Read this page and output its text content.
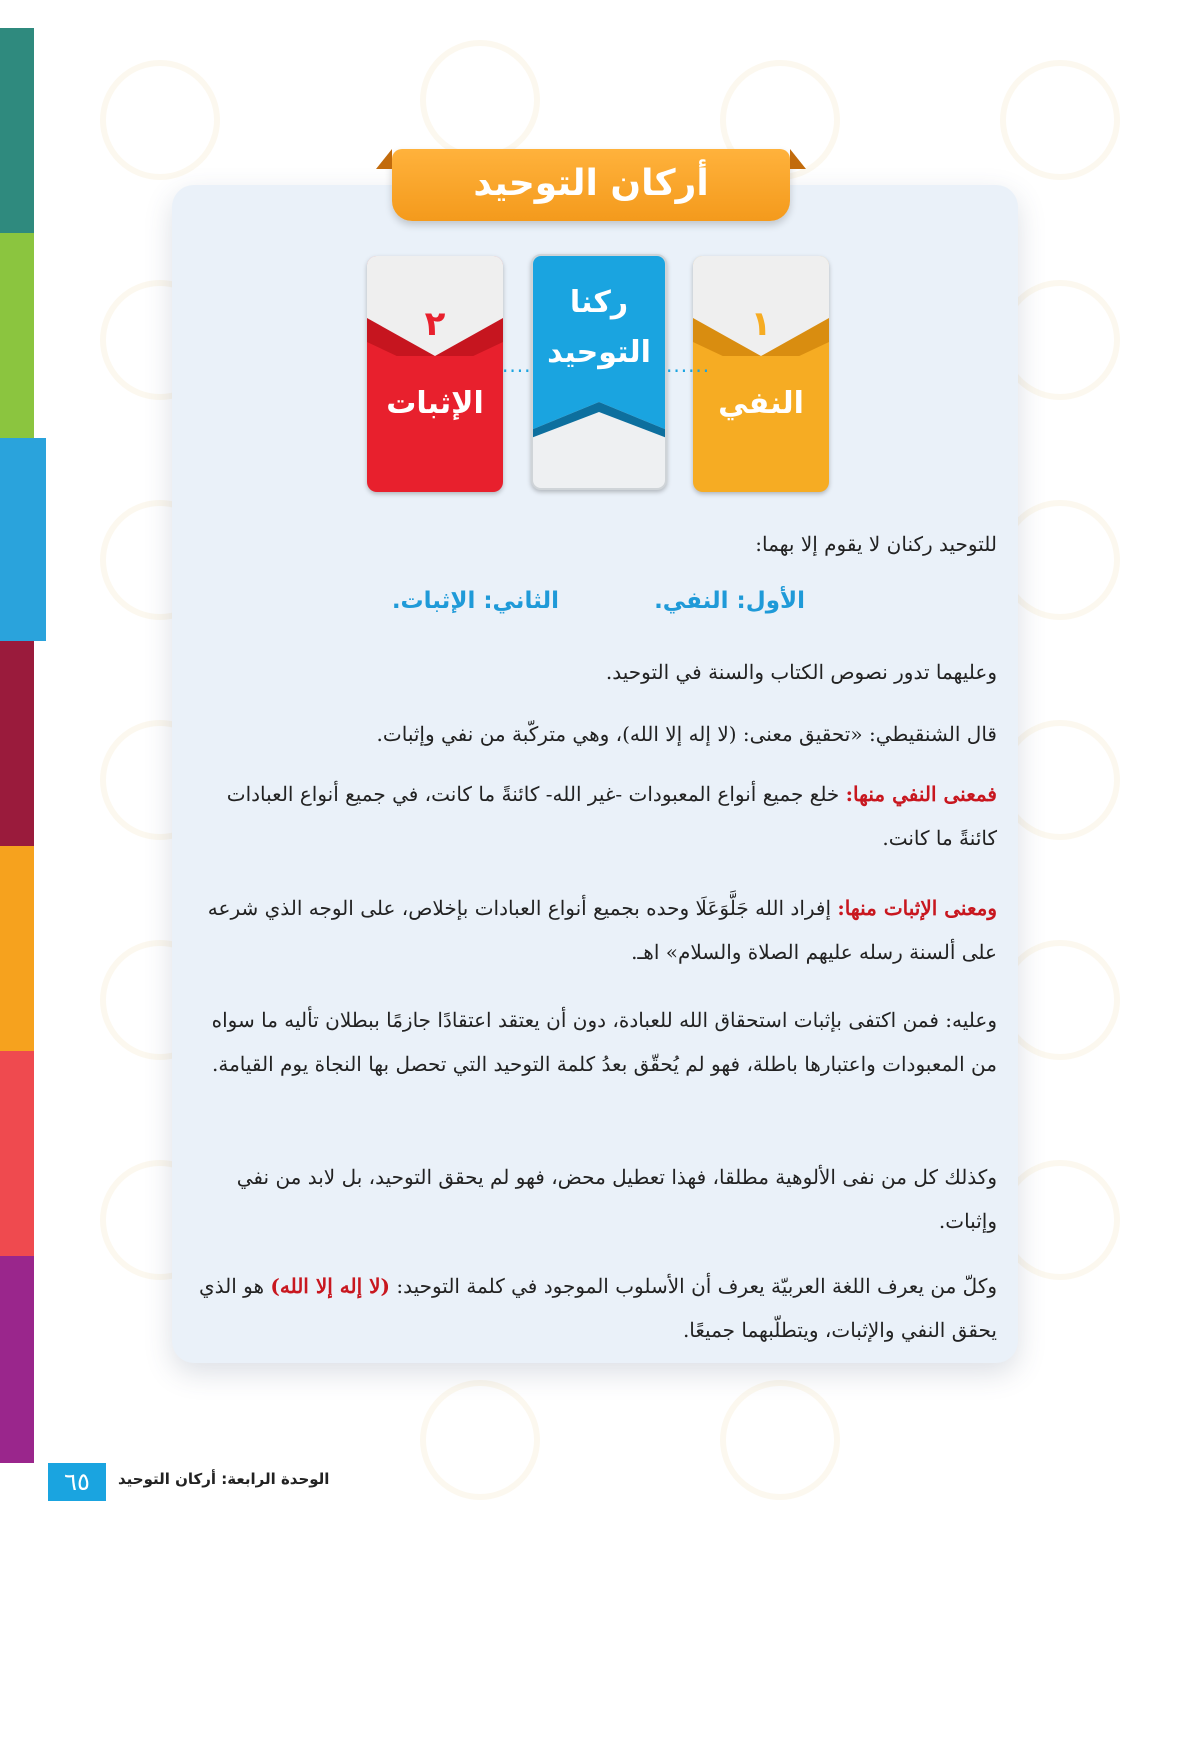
أركان التوحيد
٢
الإثبات
ركنا
التوحيد
١
النفي
......	......
للتوحيد ركنان لا يقوم إلا بهما:
الأول: النفي.
الثاني: الإثبات.
وعليهما تدور نصوص الكتاب والسنة في التوحيد.
قال الشنقيطي: «تحقيق معنى: (لا إله إلا الله)، وهي متركّبة من نفي وإثبات.
فمعنى النفي منها: خلع جميع أنواع المعبودات -غير الله- كائنةً ما كانت، في جميع أنواع العبادات كائنةً ما كانت.
ومعنى الإثبات منها: إفراد الله جَلَّوَعَلَا وحده بجميع أنواع العبادات بإخلاص، على الوجه الذي شرعه على ألسنة رسله عليهم الصلاة والسلام» اهـ.
وعليه: فمن اكتفى بإثبات استحقاق الله للعبادة، دون أن يعتقد اعتقادًا جازمًا ببطلان تأليه ما سواه من المعبودات واعتبارها باطلة، فهو لم يُحقّق بعدُ كلمة التوحيد التي تحصل بها النجاة يوم القيامة.
وكذلك كل من نفى الألوهية مطلقا، فهذا تعطيل محض، فهو لم يحقق التوحيد، بل لابد من نفي وإثبات.
وكلّ من يعرف اللغة العربيّة يعرف أن الأسلوب الموجود في كلمة التوحيد: (لا إله إلا الله) هو الذي يحقق النفي والإثبات، ويتطلّبهما جميعًا.
٦٥	الوحدة الرابعة: أركان التوحيد
